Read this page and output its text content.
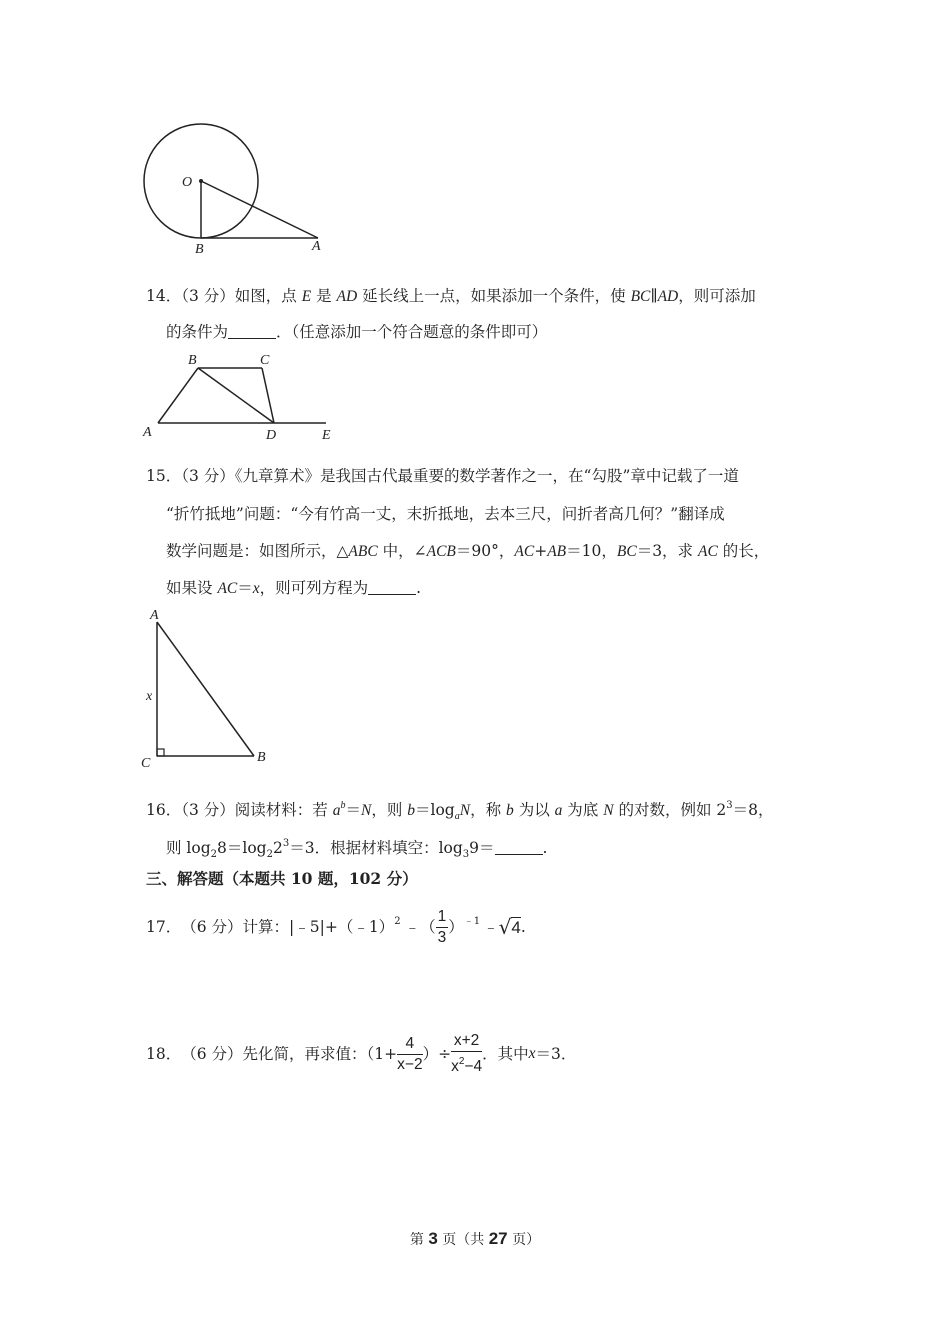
O
B	A
14．（3 分）如图，点 E 是 AD 延长线上一点，如果添加一个条件，使 BC∥AD，则可添加
的条件为	．（任意添加一个符合题意的条件即可）
B	C
A	D	E
15．（3 分）《九章算术》是我国古代最重要的数学著作之一，在“勾股”章中记载了一道
“折竹抵地”问题：“今有竹高一丈，末折抵地，去本三尺，问折者高几何？”翻译成
数学问题是：如图所示，△ABC 中，∠ACB＝90°，AC+AB＝10，BC＝3，求 AC 的长，
如果设 AC＝x，则可列方程为	.
A
x
C	B
16．（3 分）阅读材料：若 $a^b=N$，则 $b=\log_aN$，称 b 为以 a 为底 N 的对数，例如 $2^3=8$，
则 $\log_28=\log_22^3=3$．根据材料填空：$\log_39=$	.
三、解答题（本题共 10 题，102 分）
17． （6 分） 计算：|﹣5|+（﹣1） 2 ﹣（ $\frac{1}{3}$ ） ﹣1 ﹣ √ 4 .
18． （6 分） 先化简，再求值：（$1+ \frac{4}{x-2}$ ）÷ $\frac{x+2}{x^2-4}$ ．其中 x ＝3．
第 3 页（共 27 页）
